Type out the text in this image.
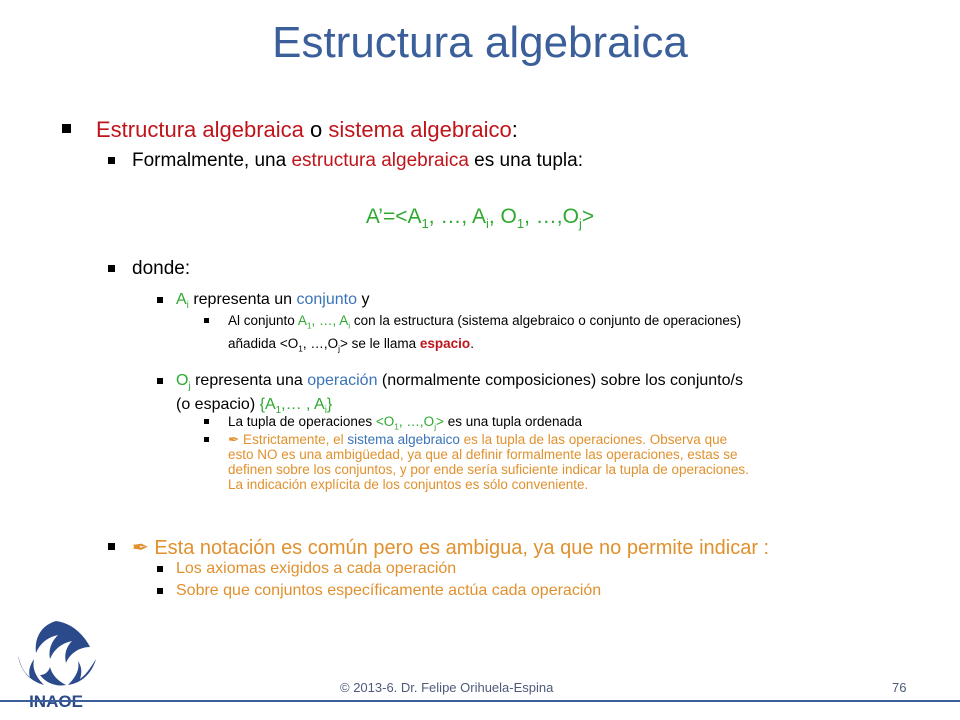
Estructura algebraica
Estructura algebraica o sistema algebraico:
Formalmente, una estructura algebraica es una tupla:
$A’=<A_1$, …, $A_i$, $O_1$, $\dots,O_j>$
donde:
$A_i$ representa un conjunto y
Al conjunto $A_1$, …, $A_i$ con la estructura (sistema algebraico o conjunto de operaciones)
añadida $<O_1$, $\dots,O_j>$ se le llama espacio.
$O_j$ representa una operación (normalmente composiciones) sobre los conjunto/s
(o espacio) {$A_1,\dots$ , $A_i$}
La tupla de operaciones $<O_1$, $\dots,O_j>$ es una tupla ordenada
✒ Estrictamente, el sistema algebraico es la tupla de las operaciones. Observa que
esto NO es una ambigüedad, ya que al definir formalmente las operaciones, estas se
definen sobre los conjuntos, y por ende sería suficiente indicar la tupla de operaciones.
La indicación explícita de los conjuntos es sólo conveniente.
✒ Esta notación es común pero es ambigua, ya que no permite indicar :
Los axiomas exigidos a cada operación
Sobre que conjuntos específicamente actúa cada operación
© 2013-6. Dr. Felipe Orihuela-Espina	76
